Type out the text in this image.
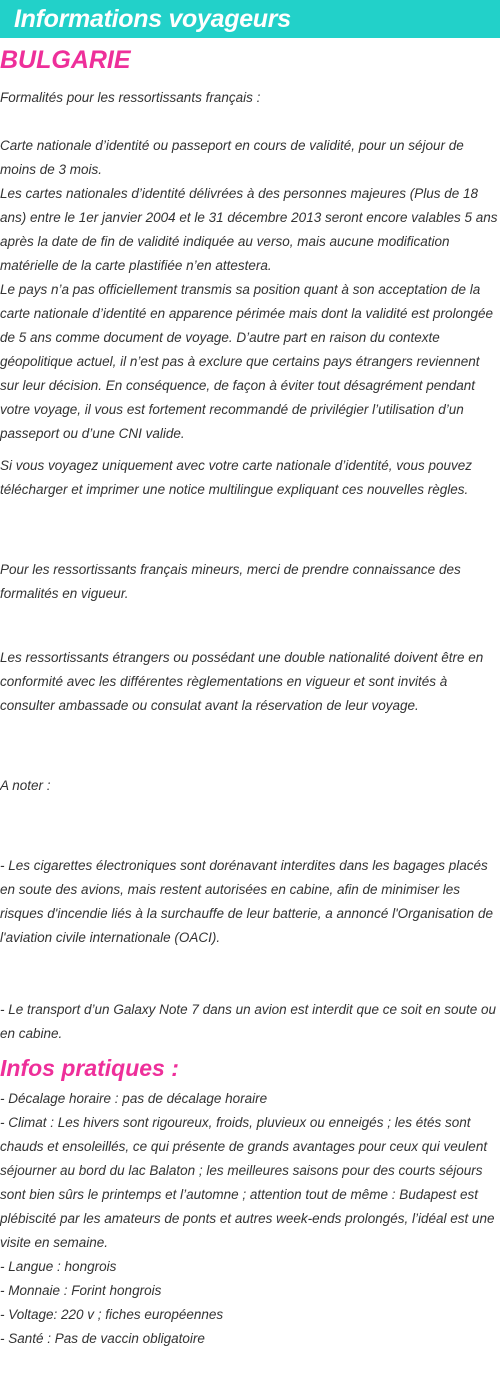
Informations voyageurs
BULGARIE

Formalités pour les ressortissants français :

Carte nationale d’identité ou passeport en cours de validité, pour un séjour de moins de 3 mois.

Les cartes nationales d’identité délivrées à des personnes majeures (Plus de 18 ans) entre le 1er janvier 2004 et le 31 décembre 2013 seront encore valables 5 ans après la date de fin de validité indiquée au verso, mais aucune modification matérielle de la carte plastifiée n’en attestera.

Le pays n’a pas officiellement transmis sa position quant à son acceptation de la carte nationale d’identité en apparence périmée mais dont la validité est prolongée de 5 ans comme document de voyage. D’autre part en raison du contexte géopolitique actuel, il n’est pas à exclure que certains pays étrangers reviennent sur leur décision. En conséquence, de façon à éviter tout désagrément pendant votre voyage, il vous est fortement recommandé de privilégier l’utilisation d’un passeport ou d’une CNI valide.

Si vous voyagez uniquement avec votre carte nationale d’identité, vous pouvez télécharger et imprimer une notice multilingue expliquant ces nouvelles règles.

Pour les ressortissants français mineurs, merci de prendre connaissance des formalités en vigueur.

Les ressortissants étrangers ou possédant une double nationalité doivent être en conformité avec les différentes règlementations en vigueur et sont invités à consulter ambassade ou consulat avant la réservation de leur voyage.

A noter :

- Les cigarettes électroniques sont dorénavant interdites dans les bagages placés en soute des avions, mais restent autorisées en cabine, afin de minimiser les risques d'incendie liés à la surchauffe de leur batterie, a annoncé l'Organisation de l'aviation civile internationale (OACI).

- Le transport d’un Galaxy Note 7 dans un avion est interdit que ce soit en soute ou en cabine.

Infos pratiques :

- Décalage horaire : pas de décalage horaire

- Climat : Les hivers sont rigoureux, froids, pluvieux ou enneigés ; les étés sont chauds et ensoleillés, ce qui présente de grands avantages pour ceux qui veulent séjourner au bord du lac Balaton ; les meilleures saisons pour des courts séjours sont bien sûrs le printemps et l’automne ; attention tout de même : Budapest est plébiscité par les amateurs de ponts et autres week-ends prolongés, l’idéal est une visite en semaine.

- Langue : hongrois

- Monnaie : Forint hongrois

- Voltage: 220 v ; fiches européennes

- Santé : Pas de vaccin obligatoire
